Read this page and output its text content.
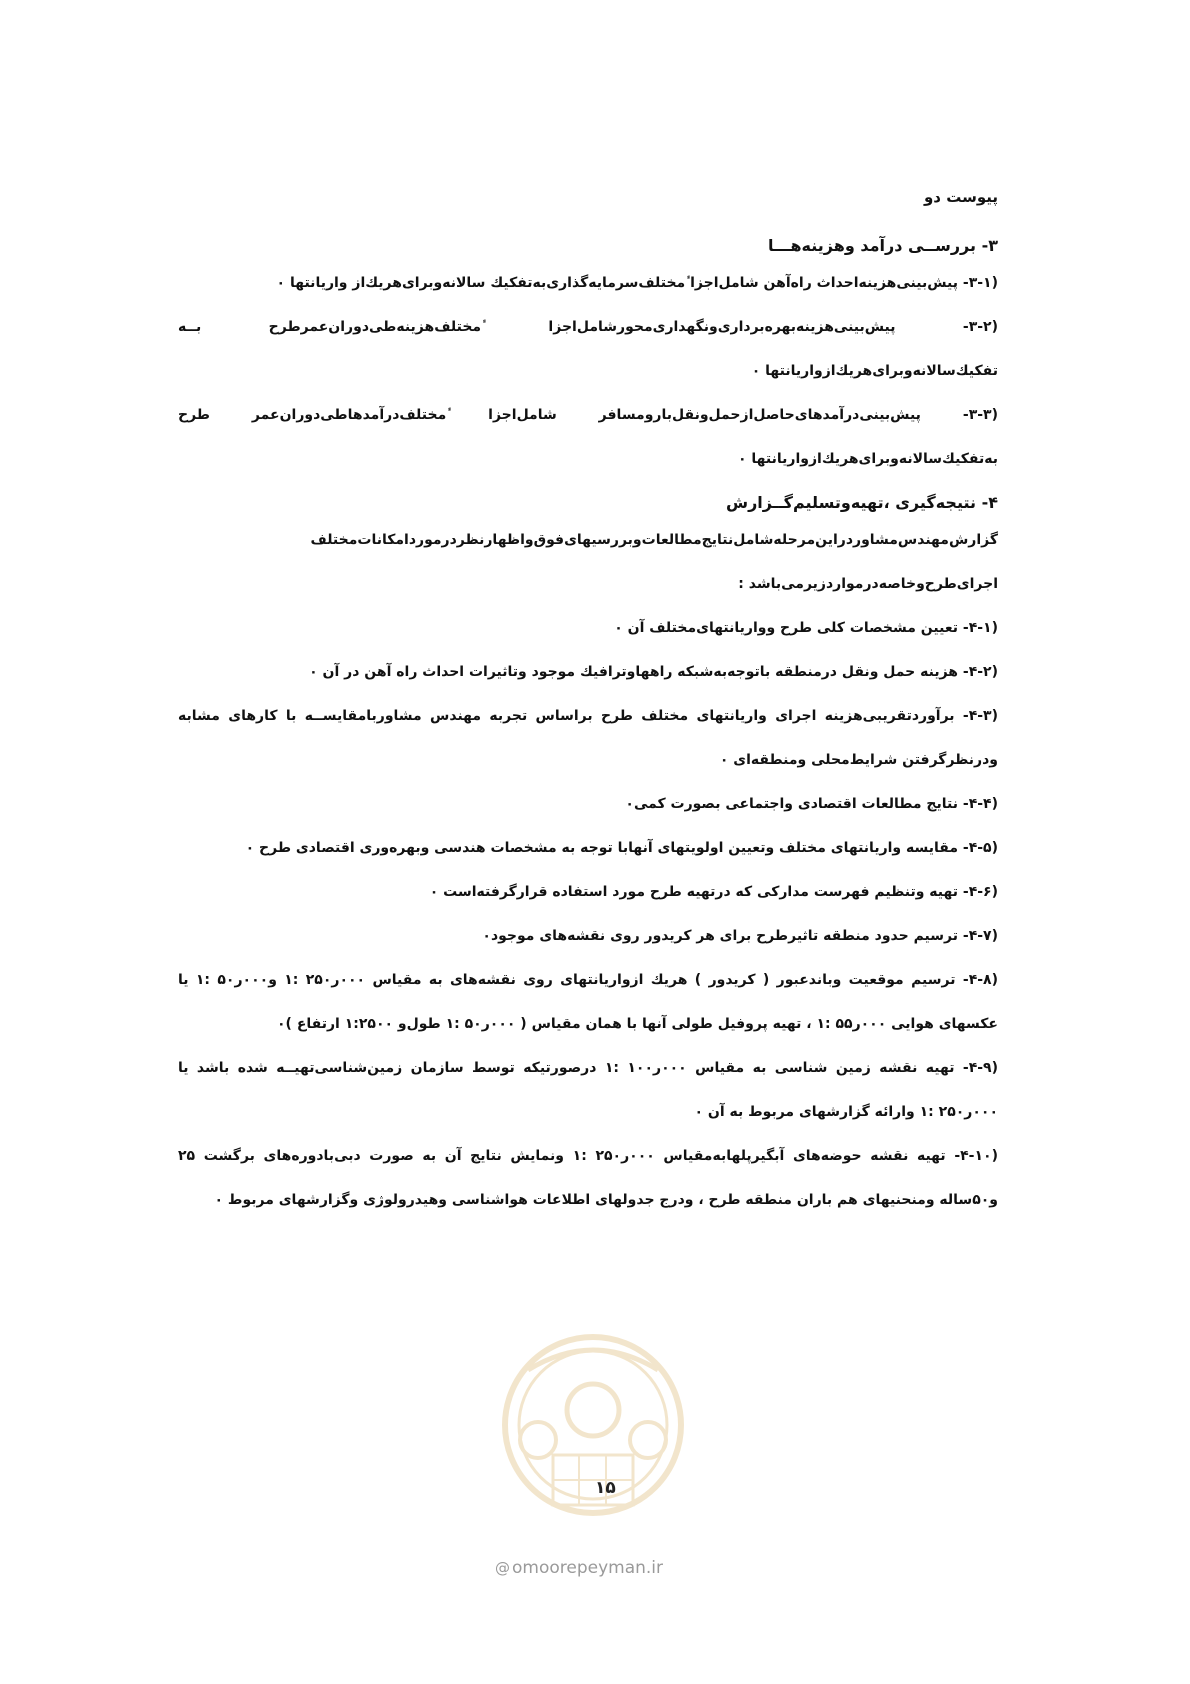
پیوست دو
۳- بررســی درآمد وهزینه‌هـــا

(۳-۱- پیش‌بینی‌هزینه‌احداث راه‌آهن شامل‌اجزا ٔمختلف‌سرمایه‌گذاری‌به‌تفکیك سالانه‌وبرای‌هریك‌از واریانتها ٠

(۳-۲- پیش‌بینی‌هزینه‌بهره‌برداری‌ونگهداری‌محور‌شامل‌اجزا ٔمختلف‌هزینه‌طی‌دوران‌عمرطرح بــه تفکیك‌سالانه‌وبرای‌هریك‌ازواریانتها ٠

(۳-۳- پیش‌بینی‌درآمدهای‌حاصل‌ازحمل‌ونقل‌بارومسافر شامل‌اجزا ٔمختلف‌درآمدهاطی‌دوران‌عمر طرح به‌تفکیك‌سالانه‌وبرای‌هریك‌ازواریانتها ٠

۴- نتیجه‌گیری ،تهیه‌وتسلیم‌گــزارش

گزارش‌مهندس‌مشاوردراین‌مرحله‌شامل‌نتایج‌مطالعات‌وبررسیهای‌فوق‌واظهارنظر‌درمورد‌امکانات‌مختلف اجرای‌طرح‌وخاصه‌درموارد‌زیرمی‌باشد :

(۴-۱- تعیین مشخصات کلی طرح وواریانتهای‌مختلف آن ٠

(۴-۲- هزینه حمل ونقل درمنطقه باتوجه‌به‌شبکه راهها‌وترافیك موجود وتاثیرات احداث راه آهن در آن ٠

(۴-۳- برآوردتقریبی‌هزینه اجرای واریانتهای مختلف طرح براساس تجربه مهندس مشاوربامقایســه با کارهای مشابه ودرنظرگرفتن شرایط‌محلی ومنطقه‌ای ٠

(۴-۴- نتایج مطالعات اقتصادی واجتماعی بصورت کمی٠

(۴-۵- مقایسه واریانتهای مختلف وتعیین اولویتهای آنهابا توجه به مشخصات هندسی وبهره‌وری اقتصادی طرح ٠

(۴-۶- تهیه وتنظیم فهرست مدارکی که درتهیه طرح مورد استفاده قرارگرفته‌است ٠

(۴-۷- ترسیم حدود منطقه تاثیرطرح برای هر کریدور روی نقشه‌های موجود٠

(۴-۸- ترسیم موقعیت وباندعبور ( کریدور ) هریك ازواریانتهای روی نقشه‌های به مقیاس ۰۰۰ر۲۵۰ :۱ و۰۰۰ر۵۰ :۱ یا عکسهای هوایی ۰۰۰ر۵۵ :۱ ، تهیه پروفیل طولی آنها با همان مقیاس ( ۰۰۰ر۵۰ :۱ طول‌و ۱:۲۵۰۰ ارتفاع )٠

(۴-۹- تهیه نقشه زمین شناسی به مقیاس ۰۰۰ر۱۰۰ :۱ درصورتیکه توسط سازمان زمین‌شناسی‌تهیــه شده باشد یا ۰۰۰ر۲۵۰ :۱ وارائه گزارشهای مربوط به آن ٠

(۴-۱۰- تهیه نقشه حوضه‌های آبگیرپلها‌به‌مقیاس ۰۰۰ر۲۵۰ :۱ ونمایش نتایج آن به صورت دبی‌بادوره‌های برگشت ۲۵ و۵۰ساله ومنحنیهای هم باران منطقه طرح ، ودرج جدولهای اطلاعات هواشناسی وهیدرولوژی وگزارشهای مربوط ٠

۱۵
@ omoorepeyman.ir
